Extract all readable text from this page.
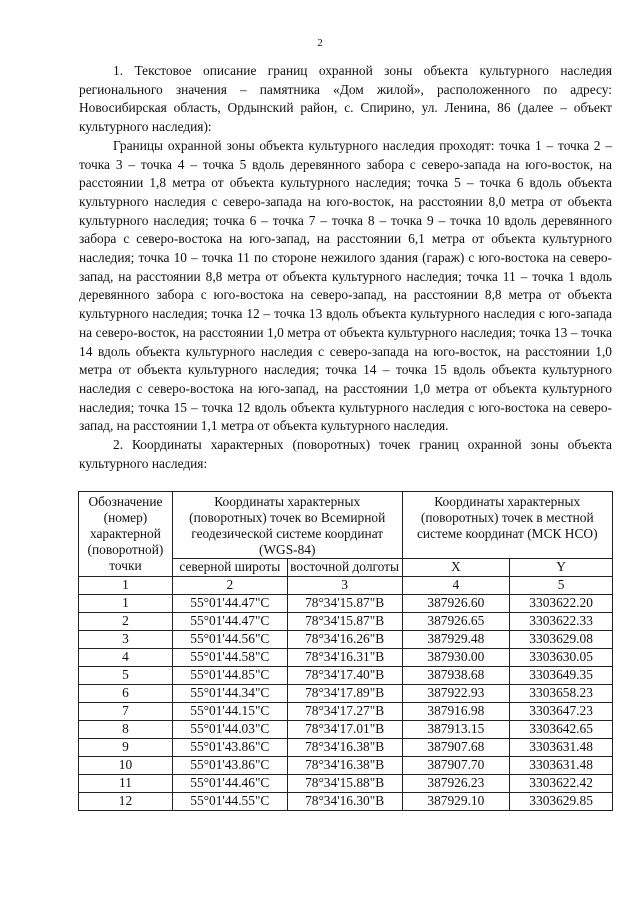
2

1. Текстовое описание границ охранной зоны объекта культурного наследия регионального значения – памятника «Дом жилой», расположенного по адресу: Новосибирская область, Ордынский район, с. Спирино, ул. Ленина, 86 (далее – объект культурного наследия):

Границы охранной зоны объекта культурного наследия проходят: точка 1 – точка 2 – точка 3 – точка 4 – точка 5 вдоль деревянного забора с северо-запада на юго-восток, на расстоянии 1,8 метра от объекта культурного наследия; точка 5 – точка 6 вдоль объекта культурного наследия с северо-запада на юго-восток, на расстоянии 8,0 метра от объекта культурного наследия; точка 6 – точка 7 – точка 8 – точка 9 – точка 10 вдоль деревянного забора с северо-востока на юго-запад, на расстоянии 6,1 метра от объекта культурного наследия; точка 10 – точка 11 по стороне нежилого здания (гараж) с юго-востока на северо-запад, на расстоянии 8,8 метра от объекта культурного наследия; точка 11 – точка 1 вдоль деревянного забора с юго-востока на северо-запад, на расстоянии 8,8 метра от объекта культурного наследия; точка 12 – точка 13 вдоль объекта культурного наследия с юго-запада на северо-восток, на расстоянии 1,0 метра от объекта культурного наследия; точка 13 – точка 14 вдоль объекта культурного наследия с северо-запада на юго-восток, на расстоянии 1,0 метра от объекта культурного наследия; точка 14 – точка 15 вдоль объекта культурного наследия с северо-востока на юго-запад, на расстоянии 1,0 метра от объекта культурного наследия; точка 15 – точка 12 вдоль объекта культурного наследия с юго-востока на северо-запад, на расстоянии 1,1 метра от объекта культурного наследия.

2. Координаты характерных (поворотных) точек границ охранной зоны объекта культурного наследия:

Обозначение (номер) характерной (поворотной) точки	Координаты характерных (поворотных) точек во Всемирной геодезической системе координат (WGS-84)		Координаты характерных (поворотных) точек в местной системе координат (МСК НСО)	
	северной широты	восточной долготы	X	Y
1	2	3	4	5
1	55°01'44.47"С	78°34'15.87"В	387926.60	3303622.20
2	55°01'44.47"С	78°34'15.87"В	387926.65	3303622.33
3	55°01'44.56"С	78°34'16.26"В	387929.48	3303629.08
4	55°01'44.58"С	78°34'16.31"В	387930.00	3303630.05
5	55°01'44.85"С	78°34'17.40"В	387938.68	3303649.35
6	55°01'44.34"С	78°34'17.89"В	387922.93	3303658.23
7	55°01'44.15"С	78°34'17.27"В	387916.98	3303647.23
8	55°01'44.03"С	78°34'17.01"В	387913.15	3303642.65
9	55°01'43.86"С	78°34'16.38"В	387907.68	3303631.48
10	55°01'43.86"С	78°34'16.38"В	387907.70	3303631.48
11	55°01'44.46"С	78°34'15.88"В	387926.23	3303622.42
12	55°01'44.55"С	78°34'16.30"В	387929.10	3303629.85
